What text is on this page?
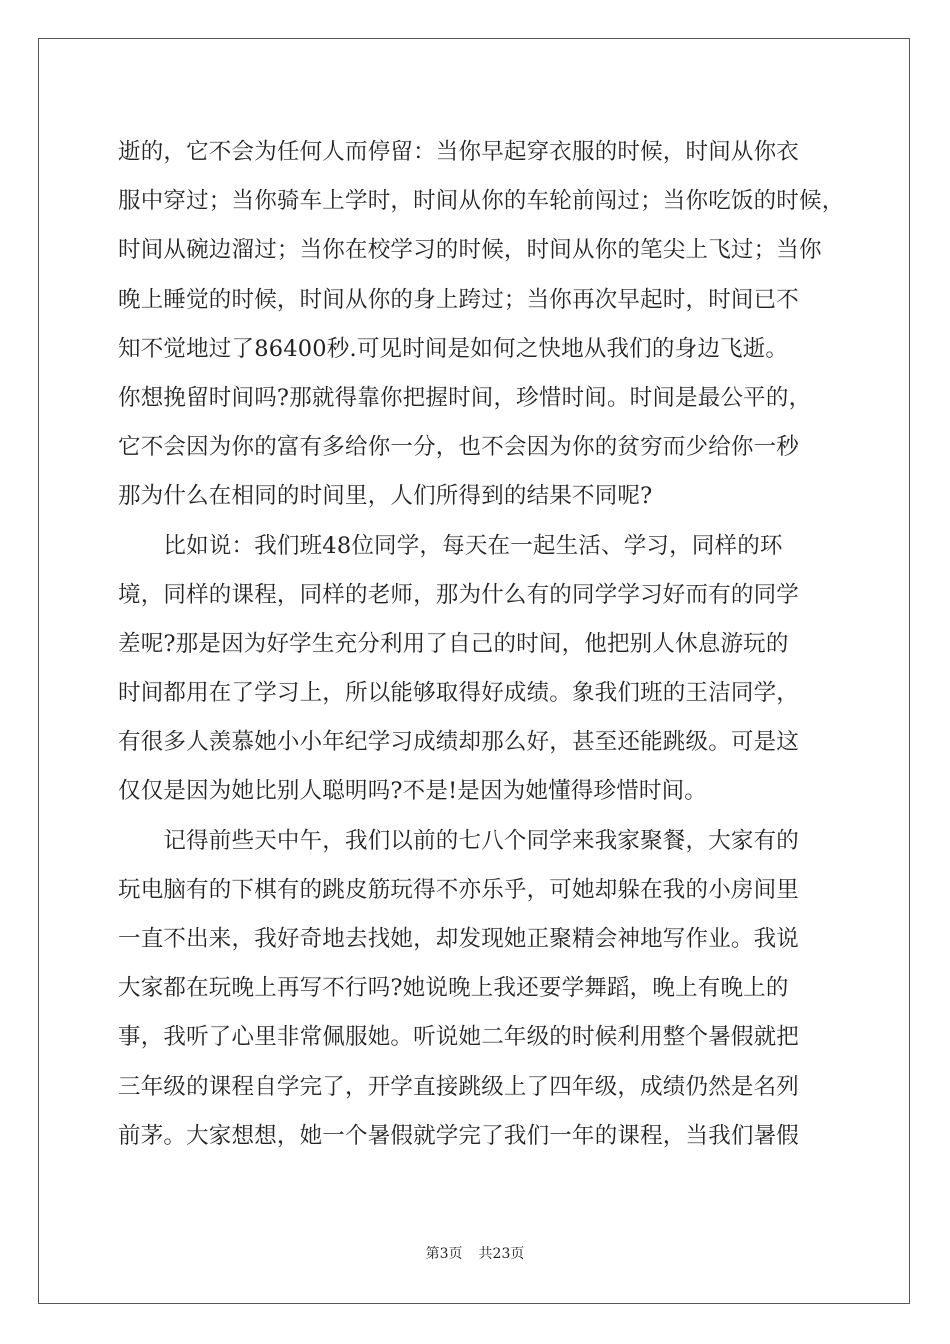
逝的，它不会为任何人而停留：当你早起穿衣服的时候，时间从你衣
服中穿过；当你骑车上学时，时间从你的车轮前闯过；当你吃饭的时候，
时间从碗边溜过；当你在校学习的时候，时间从你的笔尖上飞过；当你
晚上睡觉的时候，时间从你的身上跨过；当你再次早起时，时间已不
知不觉地过了86400秒.可见时间是如何之快地从我们的身边飞逝。
你想挽留时间吗?那就得靠你把握时间，珍惜时间。时间是最公平的，
它不会因为你的富有多给你一分，也不会因为你的贫穷而少给你一秒
那为什么在相同的时间里，人们所得到的结果不同呢?
　　比如说：我们班48位同学，每天在一起生活、学习，同样的环
境，同样的课程，同样的老师，那为什么有的同学学习好而有的同学
差呢?那是因为好学生充分利用了自己的时间，他把别人休息游玩的
时间都用在了学习上，所以能够取得好成绩。象我们班的王洁同学，
有很多人羡慕她小小年纪学习成绩却那么好，甚至还能跳级。可是这
仅仅是因为她比别人聪明吗?不是!是因为她懂得珍惜时间。
　　记得前些天中午，我们以前的七八个同学来我家聚餐，大家有的
玩电脑有的下棋有的跳皮筋玩得不亦乐乎，可她却躲在我的小房间里
一直不出来，我好奇地去找她，却发现她正聚精会神地写作业。我说
大家都在玩晚上再写不行吗?她说晚上我还要学舞蹈，晚上有晚上的
事，我听了心里非常佩服她。听说她二年级的时候利用整个暑假就把
三年级的课程自学完了，开学直接跳级上了四年级，成绩仍然是名列
前茅。大家想想，她一个暑假就学完了我们一年的课程，当我们暑假
第3页 共23页
